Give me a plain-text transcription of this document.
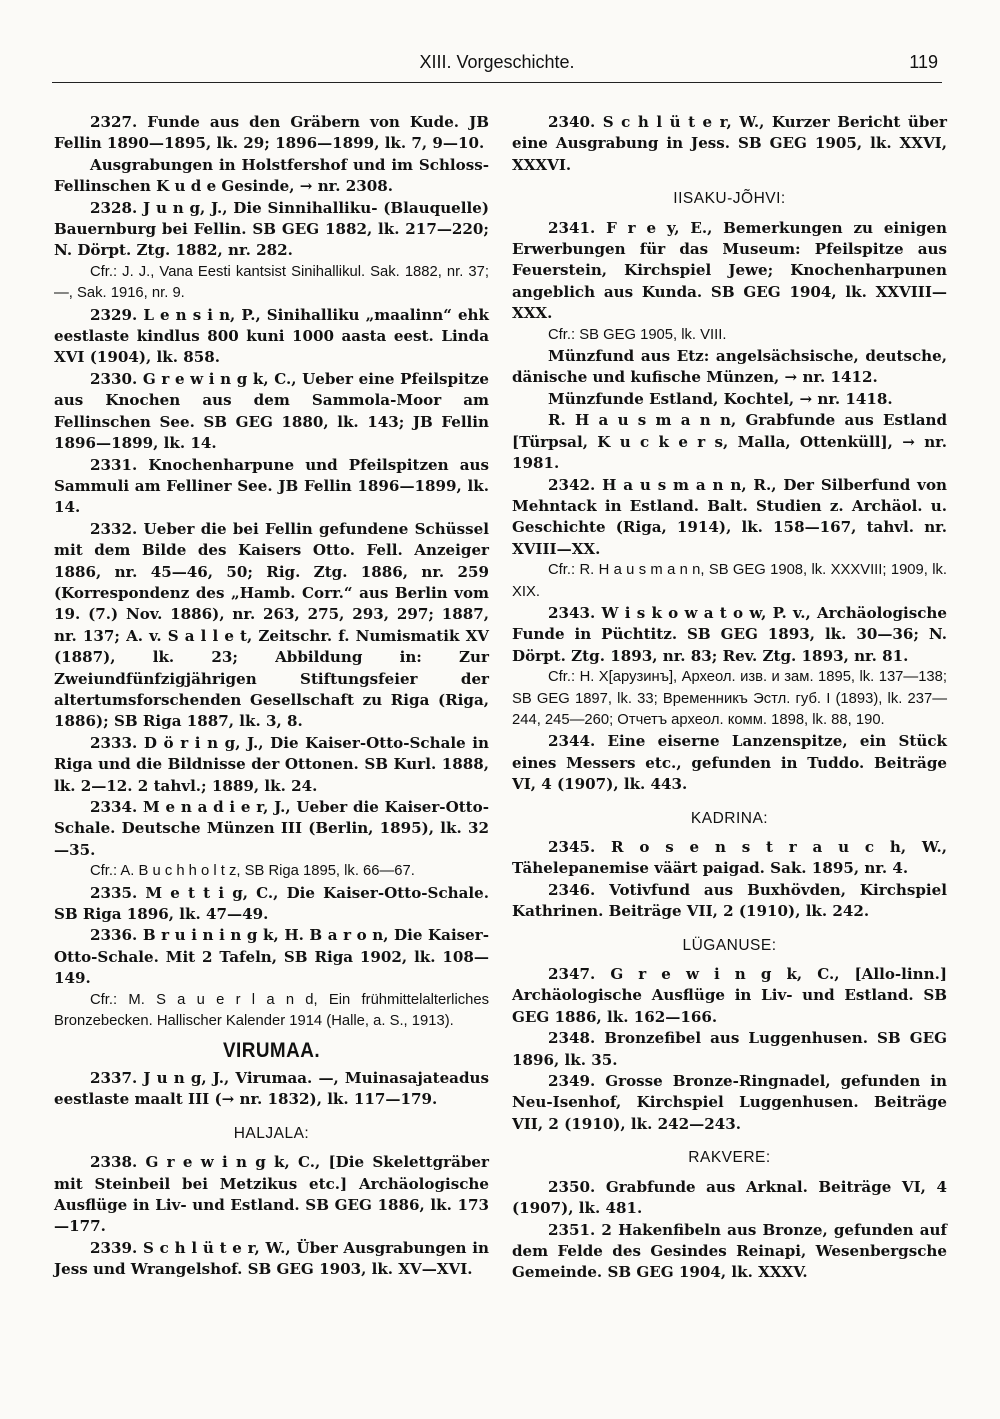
XIII. Vorgeschichte.	119

2327. Funde aus den Gräbern von Kude. JB Fellin 1890—1895, lk. 29; 1896—1899, lk. 7, 9—10.

Ausgrabungen in Holstfershof und im Schloss-Fellinschen K u d e Gesinde, → nr. 2308.

2328. J u n g, J., Die Sinnihalliku- (Blauquelle) Bauernburg bei Fellin. SB GEG 1882, lk. 217—220; N. Dörpt. Ztg. 1882, nr. 282.

Cfr.: J. J., Vana Eesti kantsist Sinihallikul. Sak. 1882, nr. 37; —, Sak. 1916, nr. 9.

2329. L e n s i n, P., Sinihalliku „maalinn“ ehk eestlaste kindlus 800 kuni 1000 aasta eest. Linda XVI (1904), lk. 858.

2330. G r e w i n g k, C., Ueber eine Pfeilspitze aus Knochen aus dem Sammola-Moor am Fellinschen See. SB GEG 1880, lk. 143; JB Fellin 1896—1899, lk. 14.

2331. Knochenharpune und Pfeilspitzen aus Sammuli am Felliner See. JB Fellin 1896—1899, lk. 14.

2332. Ueber die bei Fellin gefundene Schüssel mit dem Bilde des Kaisers Otto. Fell. Anzeiger 1886, nr. 45—46, 50; Rig. Ztg. 1886, nr. 259 (Korrespondenz des „Hamb. Corr.“ aus Berlin vom 19. (7.) Nov. 1886), nr. 263, 275, 293, 297; 1887, nr. 137; A. v. S a l l e t, Zeitschr. f. Numismatik XV (1887), lk. 23; Abbildung in: Zur Zweiundfünfzigjährigen Stiftungsfeier der altertumsforschenden Gesellschaft zu Riga (Riga, 1886); SB Riga 1887, lk. 3, 8.

2333. D ö r i n g, J., Die Kaiser-Otto-Schale in Riga und die Bildnisse der Ottonen. SB Kurl. 1888, lk. 2—12. 2 tahvl.; 1889, lk. 24.

2334. M e n a d i e r, J., Ueber die Kaiser-Otto-Schale. Deutsche Münzen III (Berlin, 1895), lk. 32—35.

Cfr.: A. B u c h h o l t z, SB Riga 1895, lk. 66—67.

2335. M e t t i g, C., Die Kaiser-Otto-Schale. SB Riga 1896, lk. 47—49.

2336. B r u i n i n g k, H. B a r o n, Die Kaiser-Otto-Schale. Mit 2 Tafeln, SB Riga 1902, lk. 108—149.

Cfr.: M. S a u e r l a n d, Ein frühmittelalterliches Bronzebecken. Hallischer Kalender 1914 (Halle, a. S., 1913).

VIRUMAA.

2337. J u n g, J., Virumaa. —, Muinasajateadus eestlaste maalt III (→ nr. 1832), lk. 117—179.

HALJALA:

2338. G r e w i n g k, C., [Die Skelettgräber mit Steinbeil bei Metzikus etc.] Archäologische Ausflüge in Liv- und Estland. SB GEG 1886, lk. 173—177.

2339. S c h l ü t e r, W., Über Ausgrabungen in Jess und Wrangelshof. SB GEG 1903, lk. XV—XVI.

2340. S c h l ü t e r, W., Kurzer Bericht über eine Ausgrabung in Jess. SB GEG 1905, lk. XXVI, XXXVI.

IISAKU-JÕHVI:

2341. F r e y, E., Bemerkungen zu einigen Erwerbungen für das Museum: Pfeilspitze aus Feuerstein, Kirchspiel Jewe; Knochenharpunen angeblich aus Kunda. SB GEG 1904, lk. XXVIII—XXX.

Cfr.: SB GEG 1905, lk. VIII.

Münzfund aus Etz: angelsächsische, deutsche, dänische und kufische Münzen, → nr. 1412.

Münzfunde Estland, Kochtel, → nr. 1418.

R. H a u s m a n n, Grabfunde aus Estland [Türpsal, K u c k e r s, Malla, Ottenküll], → nr. 1981.

2342. H a u s m a n n, R., Der Silberfund von Mehntack in Estland. Balt. Studien z. Archäol. u. Geschichte (Riga, 1914), lk. 158—167, tahvl. nr. XVIII—XX.

Cfr.: R. H a u s m a n n, SB GEG 1908, lk. XXXVIII; 1909, lk. XIX.

2343. W i s k o w a t o w, P. v., Archäologische Funde in Püchtitz. SB GEG 1893, lk. 30—36; N. Dörpt. Ztg. 1893, nr. 83; Rev. Ztg. 1893, nr. 81.

Cfr.: H. X[арузинъ], Археол. изв. и зам. 1895, lk. 137—138; SB GEG 1897, lk. 33; Временникъ Эстл. губ. I (1893), lk. 237—244, 245—260; Отчетъ археол. комм. 1898, lk. 88, 190.

2344. Eine eiserne Lanzenspitze, ein Stück eines Messers etc., gefunden in Tuddo. Beiträge VI, 4 (1907), lk. 443.

KADRINA:

2345. R o s e n s t r a u c h, W., Tähelepanemise väärt paigad. Sak. 1895, nr. 4.

2346. Votivfund aus Buxhövden, Kirchspiel Kathrinen. Beiträge VII, 2 (1910), lk. 242.

LÜGANUSE:

2347. G r e w i n g k, C., [Allo-linn.] Archäologische Ausflüge in Liv- und Estland. SB GEG 1886, lk. 162—166.

2348. Bronzefibel aus Luggenhusen. SB GEG 1896, lk. 35.

2349. Grosse Bronze-Ringnadel, gefunden in Neu-Isenhof, Kirchspiel Luggenhusen. Beiträge VII, 2 (1910), lk. 242—243.

RAKVERE:

2350. Grabfunde aus Arknal. Beiträge VI, 4 (1907), lk. 481.

2351. 2 Hakenfibeln aus Bronze, gefunden auf dem Felde des Gesindes Reinapi, Wesenbergsche Gemeinde. SB GEG 1904, lk. XXXV.
